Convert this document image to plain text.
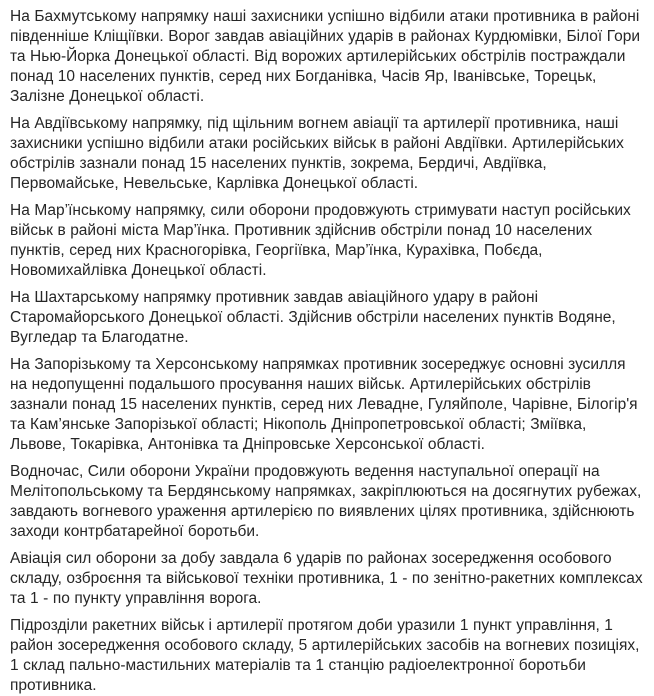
На Бахмутському напрямку наші захисники успішно відбили атаки противника в районі південніше Кліщіївки. Ворог завдав авіаційних ударів в районах Курдюмівки, Білої Гори та Нью-Йорка Донецької області. Від ворожих артилерійських обстрілів постраждали понад 10 населених пунктів, серед них Богданівка, Часів Яр, Іванівське, Торецьк, Залізне Донецької області.

На Авдіївському напрямку, під щільним вогнем авіації та артилерії противника, наші захисники успішно відбили атаки російських військ в районі Авдіївки. Артилерійських обстрілів зазнали понад 15 населених пунктів, зокрема, Бердичі, Авдіївка, Первомайське, Невельське, Карлівка Донецької області.

На Мар’їнському напрямку, сили оборони продовжують стримувати наступ російських військ в районі міста Мар’їнка. Противник здійснив обстріли понад 10 населених пунктів, серед них Красногорівка, Георгіївка, Мар’їнка, Курахівка, Побєда, Новомихайлівка Донецької області.

На Шахтарському напрямку противник завдав авіаційного удару в районі Старомайорського Донецької області. Здійснив обстріли населених пунктів Водяне, Вугледар та Благодатне.

На Запорізькому та Херсонському напрямках противник зосереджує основні зусилля на недопущенні подальшого просування наших військ. Артилерійських обстрілів зазнали понад 15 населених пунктів, серед них Левадне, Гуляйполе, Чарівне, Білогір'я та Кам’янське Запорізької області; Нікополь Дніпропетровської області; Зміївка, Львове, Токарівка, Антонівка та Дніпровське Херсонської області.

Водночас, Сили оборони України продовжують ведення наступальної операції на Мелітопольському та Бердянському напрямках, закріплюються на досягнутих рубежах, завдають вогневого ураження артилерією по виявлених цілях противника, здійснюють заходи контрбатарейної боротьби.

Авіація сил оборони за добу завдала 6 ударів по районах зосередження особового складу, озброєння та військової техніки противника, 1 - по зенітно-ракетних комплексах та 1 - по пункту управління ворога.

Підрозділи ракетних військ і артилерії протягом доби уразили 1 пункт управління, 1 район зосередження особового складу, 5 артилерійських засобів на вогневих позиціях, 1 склад пально-мастильних матеріалів та 1 станцію радіоелектронної боротьби противника.
